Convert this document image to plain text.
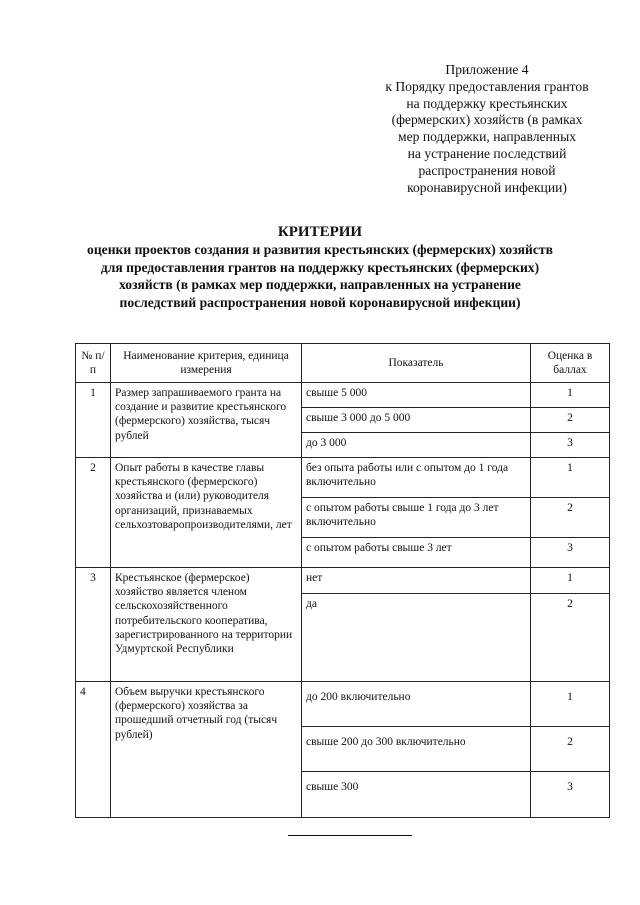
Приложение 4
к Порядку предоставления грантов
на поддержку крестьянских
(фермерских) хозяйств (в рамках
мер поддержки, направленных
на устранение последствий
распространения новой
коронавирусной инфекции)
КРИТЕРИИ
оценки проектов создания и развития крестьянских (фермерских) хозяйств
для предоставления грантов на поддержку крестьянских (фермерских)
хозяйств (в рамках мер поддержки, направленных на устранение
последствий распространения новой коронавирусной инфекции)
№ п/п	Наименование критерия, единица измерения	Показатель	Оценка в баллах
1	Размер запрашиваемого гранта на создание и развитие крестьянского (фермерского) хозяйства, тысяч рублей	свыше 5 000	1
		свыше 3 000 до 5 000	2
		до 3 000	3
2	Опыт работы в качестве главы крестьянского (фермерского) хозяйства и (или) руководителя организаций, признаваемых сельхозтоваропроизводителями, лет	без опыта работы или с опытом до 1 года включительно	1
		с опытом работы свыше 1 года до 3 лет включительно	2
		с опытом работы свыше 3 лет	3
3	Крестьянское (фермерское) хозяйство является членом сельскохозяйственного потребительского кооператива, зарегистрированного на территории Удмуртской Республики	нет	1
		да	2
4	Объем выручки крестьянского (фермерского) хозяйства за прошедший отчетный год (тысяч рублей)	до 200 включительно	1
		свыше 200 до 300 включительно	2
		свыше 300	3
